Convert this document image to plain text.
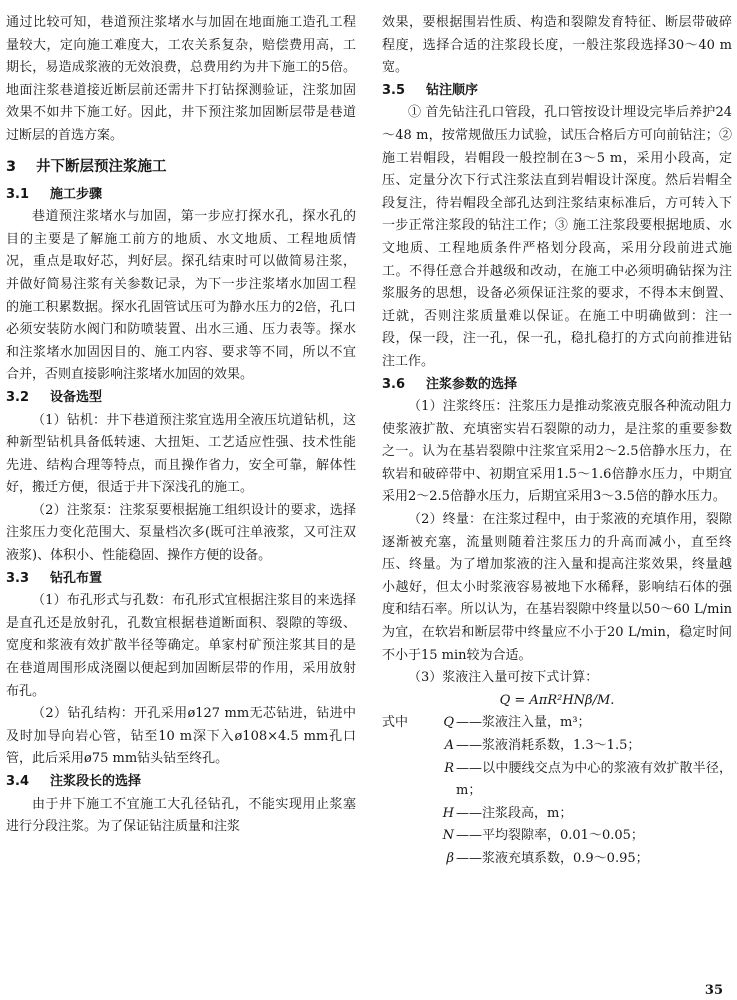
通过比较可知，巷道预注浆堵水与加固在地面施工造孔工程量较大，定向施工难度大，工农关系复杂，赔偿费用高，工期长，易造成浆液的无效浪费，总费用约为井下施工的5倍。地面注浆巷道接近断层前还需井下打钻探测验证，注浆加固效果不如井下施工好。因此，井下预注浆加固断层带是巷道过断层的首选方案。

3 井下断层预注浆施工
3.1 施工步骤

巷道预注浆堵水与加固，第一步应打探水孔，探水孔的目的主要是了解施工前方的地质、水文地质、工程地质情况，重点是取好芯，判好层。探孔结束时可以做简易注浆，并做好简易注浆有关参数记录，为下一步注浆堵水加固工程的施工积累数据。探水孔固管试压可为静水压力的2倍，孔口必须安装防水阀门和防喷装置、出水三通、压力表等。探水和注浆堵水加固因目的、施工内容、要求等不同，所以不宜合并，否则直接影响注浆堵水加固的效果。

3.2 设备选型

（1）钻机：井下巷道预注浆宜选用全液压坑道钻机，这种新型钻机具备低转速、大扭矩、工艺适应性强、技术性能先进、结构合理等特点，而且操作省力，安全可靠，解体性好，搬迁方便，很适于井下深浅孔的施工。

（2）注浆泵：注浆泵要根据施工组织设计的要求，选择注浆压力变化范围大、泵量档次多(既可注单液浆，又可注双液浆)、体积小、性能稳固、操作方便的设备。

3.3 钻孔布置

（1）布孔形式与孔数：布孔形式宜根据注浆目的来选择是直孔还是放射孔，孔数宜根据巷道断面积、裂隙的等级、宽度和浆液有效扩散半径等确定。单家村矿预注浆其目的是在巷道周围形成浇圈以便起到加固断层带的作用，采用放射布孔。

（2）钻孔结构：开孔采用ø127 mm无芯钻进，钻进中及时加导向岩心管，钻至10 m深下入ø108×4.5 mm孔口管，此后采用ø75 mm钻头钻至终孔。

3.4 注浆段长的选择

由于井下施工不宜施工大孔径钻孔，不能实现用止浆塞进行分段注浆。为了保证钻注质量和注浆

效果，要根据围岩性质、构造和裂隙发育特征、断层带破碎程度，选择合适的注浆段长度，一般注浆段选择30～40 m宽。

3.5 钻注顺序

① 首先钻注孔口管段，孔口管按设计埋设完毕后养护24～48 m，按常规做压力试验，试压合格后方可向前钻注；② 施工岩帽段，岩帽段一般控制在3～5 m，采用小段高，定压、定量分次下行式注浆法直到岩帽设计深度。然后岩帽全段复注，待岩帽段全部孔达到注浆结束标准后，方可转入下一步正常注浆段的钻注工作；③ 施工注浆段要根据地质、水文地质、工程地质条件严格划分段高，采用分段前进式施工。不得任意合并越级和改动，在施工中必须明确钻探为注浆服务的思想，设备必须保证注浆的要求，不得本末倒置、迁就，否则注浆质量难以保证。在施工中明确做到：注一段，保一段，注一孔，保一孔，稳扎稳打的方式向前推进钻注工作。

3.6 注浆参数的选择

（1）注浆终压：注浆压力是推动浆液克服各种流动阻力使浆液扩散、充填密实岩石裂隙的动力，是注浆的重要参数之一。认为在基岩裂隙中注浆宜采用2～2.5倍静水压力，在软岩和破碎带中、初期宜采用1.5～1.6倍静水压力，中期宜采用2～2.5倍静水压力，后期宜采用3～3.5倍的静水压力。

（2）终量：在注浆过程中，由于浆液的充填作用，裂隙逐渐被充塞，流量则随着注浆压力的升高而减小，直至终压、终量。为了增加浆液的注入量和提高注浆效果，终量越小越好，但太小时浆液容易被地下水稀释，影响结石体的强度和结石率。所以认为，在基岩裂隙中终量以50～60 L/min为宜，在软岩和断层带中终量应不小于20 L/min，稳定时间不小于15 min较为合适。

（3）浆液注入量可按下式计算：

Q = AπR²HNβ/M.
式中	Q ——浆液注入量，m³；
A ——浆液消耗系数，1.3～1.5；
R ——以中腰线交点为中心的浆液有效扩散半径，m；
H ——注浆段高，m；
N ——平均裂隙率，0.01～0.05；
β ——浆液充填系数，0.9～0.95；
35
